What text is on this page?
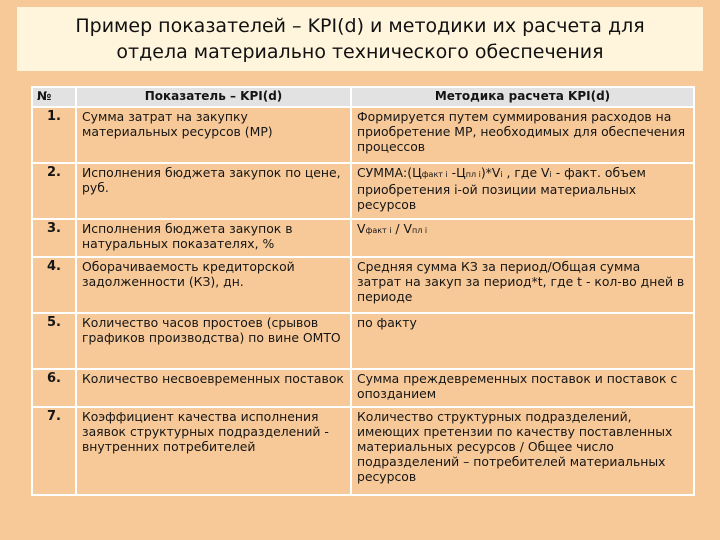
Пример показателей – KPI(d) и методики их расчета для
отдела материально технического обеспечения
№	Показатель – KPI(d)	Методика расчета KPI(d)
1.	Сумма затрат на закупку материальных ресурсов (МР)	Формируется путем суммирования расходов на приобретение МР, необходимых для обеспечения процессов
2.	Исполнения бюджета закупок по цене, руб.	СУММА:(Цфакт i -Цпл i)*Vi , где Vi - факт. объем приобретения i-ой позиции материальных ресурсов
3.	Исполнения бюджета закупок в натуральных показателях, %	Vфакт i / Vпл i
4.	Оборачиваемость кредиторской задолженности (КЗ), дн.	Средняя сумма КЗ за период/Общая сумма затрат на закуп за период*t, где t - кол-во дней в периоде
5.	Количество часов простоев (срывов графиков производства) по вине ОМТО	по факту
6.	Количество несвоевременных поставок	Сумма преждевременных поставок и поставок с опозданием
7.	Коэффициент качества исполнения заявок структурных подразделений - внутренних потребителей	Количество структурных подразделений, имеющих претензии по качеству поставленных материальных ресурсов / Общее число подразделений – потребителей материальных ресурсов
